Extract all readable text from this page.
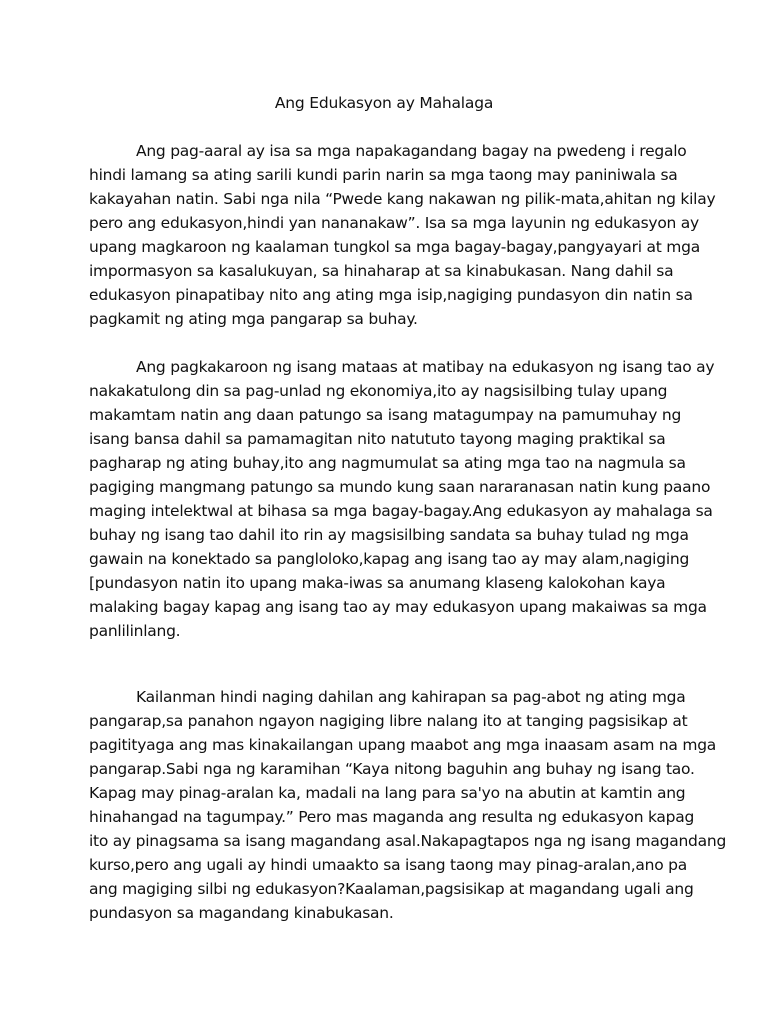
Ang Edukasyon ay Mahalaga
Ang pag-aaral ay isa sa mga napakagandang bagay na pwedeng i regalo
hindi lamang sa ating sarili kundi parin narin sa mga taong may paniniwala sa
kakayahan natin. Sabi nga nila “Pwede kang nakawan ng pilik-mata,ahitan ng kilay
pero ang edukasyon,hindi yan nananakaw”. Isa sa mga layunin ng edukasyon ay
upang magkaroon ng kaalaman tungkol sa mga bagay-bagay,pangyayari at mga
impormasyon sa kasalukuyan, sa hinaharap at sa kinabukasan. Nang dahil sa
edukasyon pinapatibay nito ang ating mga isip,nagiging pundasyon din natin sa
pagkamit ng ating mga pangarap sa buhay.
Ang pagkakaroon ng isang mataas at matibay na edukasyon ng isang tao ay
nakakatulong din sa pag-unlad ng ekonomiya,ito ay nagsisilbing tulay upang
makamtam natin ang daan patungo sa isang matagumpay na pamumuhay ng
isang bansa dahil sa pamamagitan nito natututo tayong maging praktikal sa
pagharap ng ating buhay,ito ang nagmumulat sa ating mga tao na nagmula sa
pagiging mangmang patungo sa mundo kung saan nararanasan natin kung paano
maging intelektwal at bihasa sa mga bagay-bagay.Ang edukasyon ay mahalaga sa
buhay ng isang tao dahil ito rin ay magsisilbing sandata sa buhay tulad ng mga
gawain na konektado sa pangloloko,kapag ang isang tao ay may alam,nagiging
[pundasyon natin ito upang maka-iwas sa anumang klaseng kalokohan kaya
malaking bagay kapag ang isang tao ay may edukasyon upang makaiwas sa mga
panlilinlang.
Kailanman hindi naging dahilan ang kahirapan sa pag-abot ng ating mga
pangarap,sa panahon ngayon nagiging libre nalang ito at tanging pagsisikap at
pagitityaga ang mas kinakailangan upang maabot ang mga inaasam asam na mga
pangarap.Sabi nga ng karamihan “Kaya nitong baguhin ang buhay ng isang tao.
Kapag may pinag-aralan ka, madali na lang para sa'yo na abutin at kamtin ang
hinahangad na tagumpay.” Pero mas maganda ang resulta ng edukasyon kapag
ito ay pinagsama sa isang magandang asal.Nakapagtapos nga ng isang magandang
kurso,pero ang ugali ay hindi umaakto sa isang taong may pinag-aralan,ano pa
ang magiging silbi ng edukasyon?Kaalaman,pagsisikap at magandang ugali ang
pundasyon sa magandang kinabukasan.
